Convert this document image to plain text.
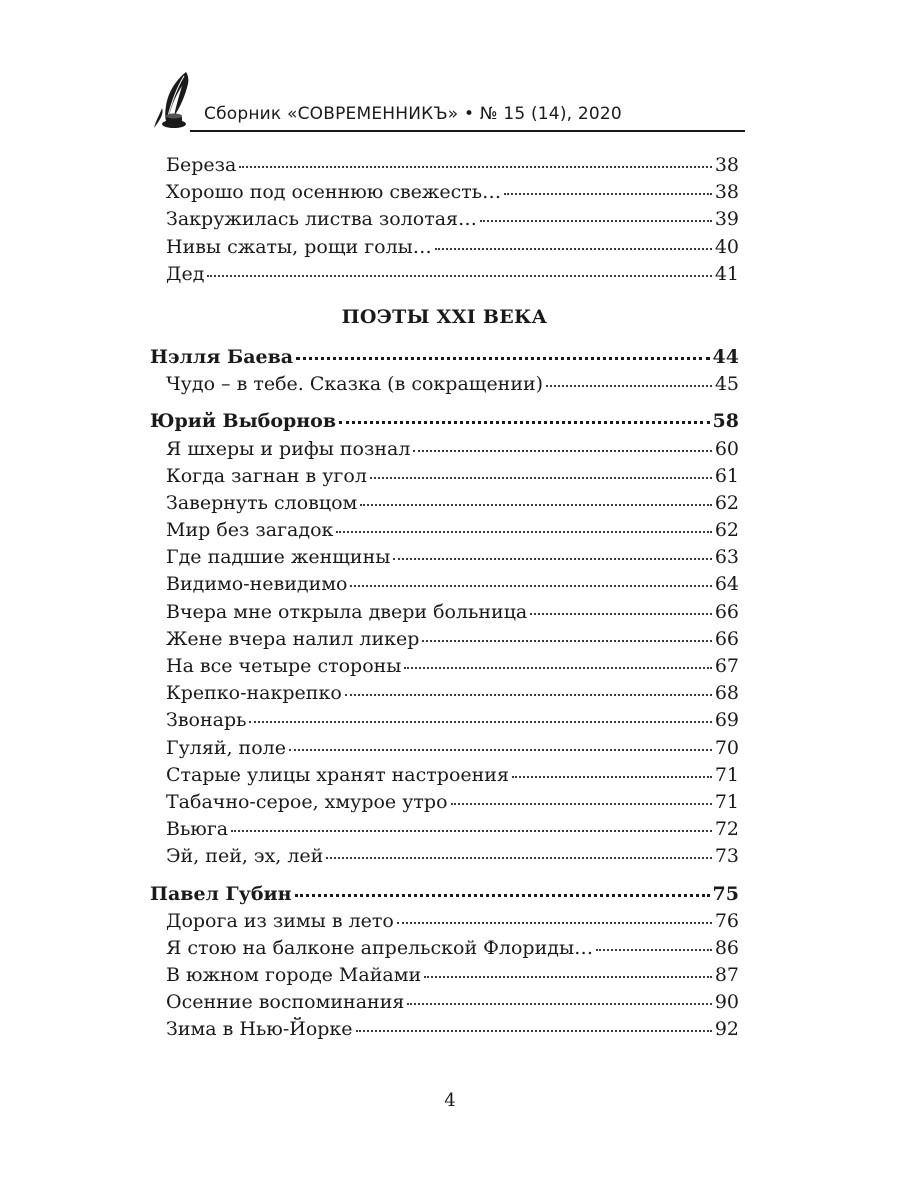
Сборник «СОВРЕМЕННИКЪ» • № 15 (14), 2020
Береза	38
Хорошо под осеннюю свежесть…	38
Закружилась листва золотая…	39
Нивы сжаты, рощи голы…	40
Дед	41
ПОЭТЫ XXI ВЕКА
Нэлля Баева	44
Чудо – в тебе. Сказка (в сокращении)	45
Юрий Выборнов	58
Я шхеры и рифы познал	60
Когда загнан в угол	61
Завернуть словцом	62
Мир без загадок	62
Где падшие женщины	63
Видимо-невидимо	64
Вчера мне открыла двери больница	66
Жене вчера налил ликер	66
На все четыре стороны	67
Крепко-накрепко	68
Звонарь	69
Гуляй, поле	70
Старые улицы хранят настроения	71
Табачно-серое, хмурое утро	71
Вьюга	72
Эй, пей, эх, лей	73
Павел Губин	75
Дорога из зимы в лето	76
Я стою на балконе апрельской Флориды…	86
В южном городе Майами	87
Осенние воспоминания	90
Зима в Нью-Йорке	92
4
